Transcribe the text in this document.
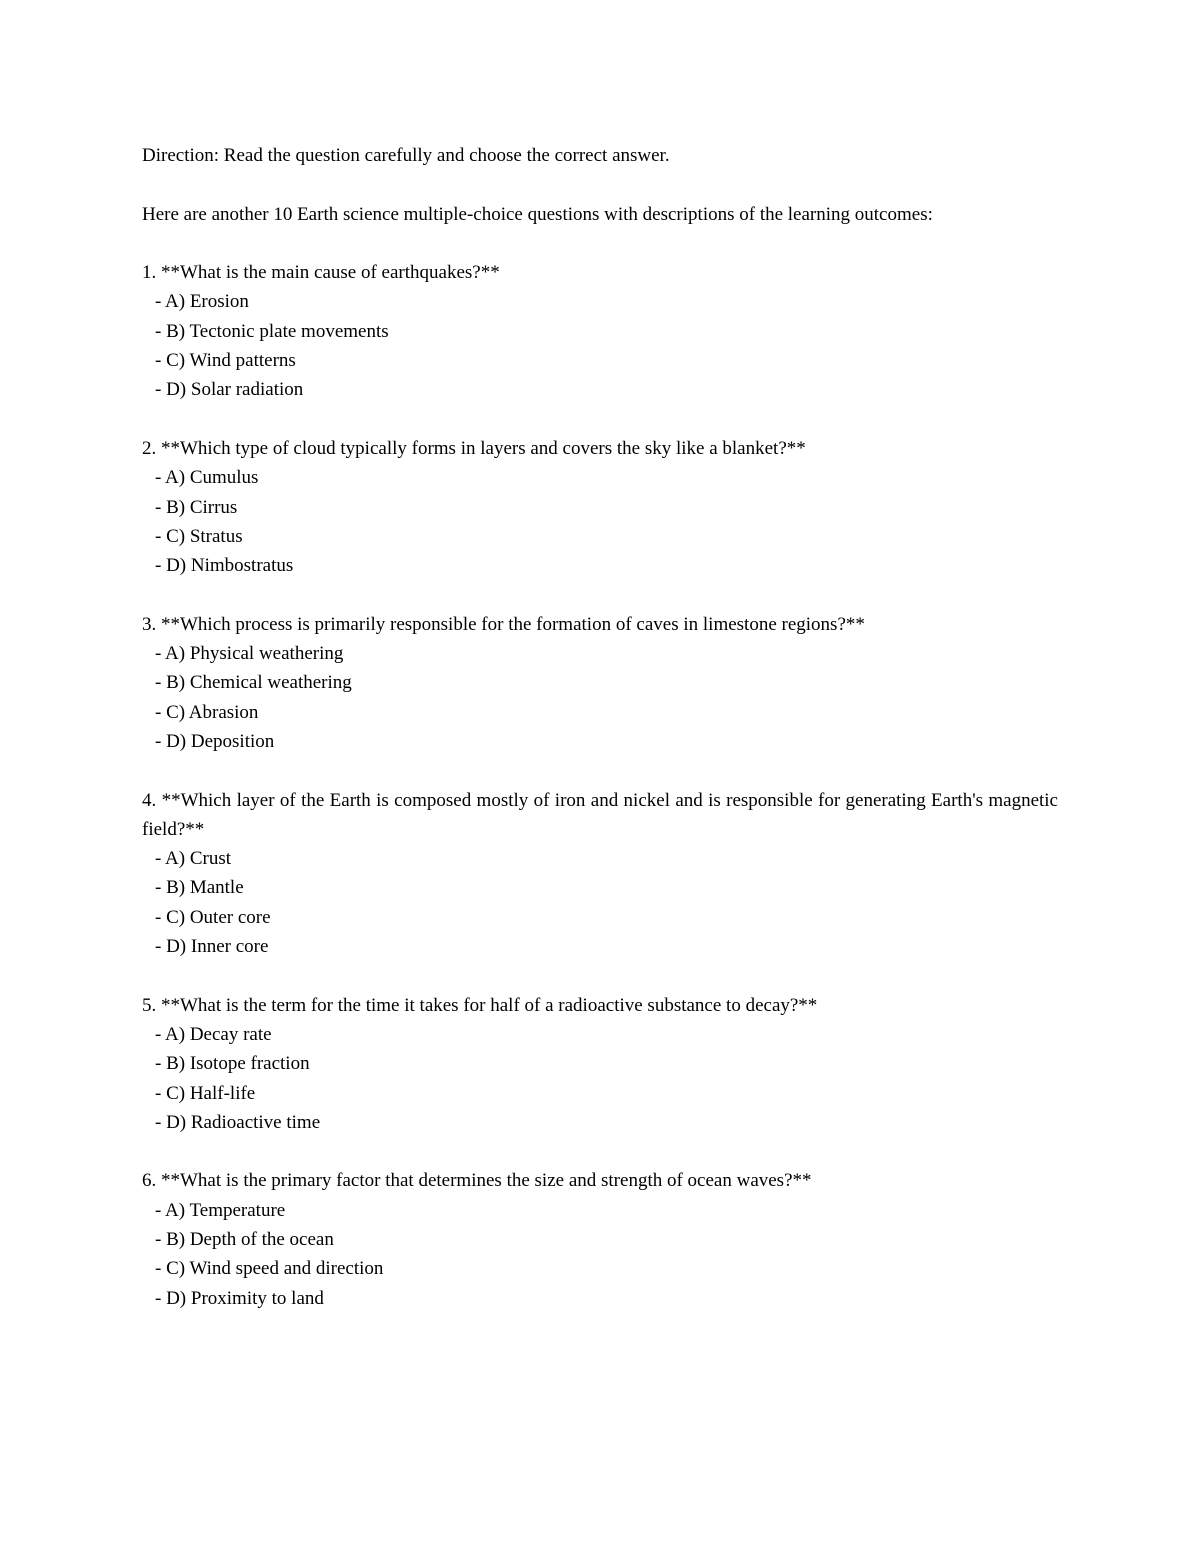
Direction: Read the question carefully and choose the correct answer.

Here are another 10 Earth science multiple-choice questions with descriptions of the learning outcomes:

1. **What is the main cause of earthquakes?**

- A) Erosion
- B) Tectonic plate movements
- C) Wind patterns
- D) Solar radiation

2. **Which type of cloud typically forms in layers and covers the sky like a blanket?**

- A) Cumulus
- B) Cirrus
- C) Stratus
- D) Nimbostratus

3. **Which process is primarily responsible for the formation of caves in limestone regions?**

- A) Physical weathering
- B) Chemical weathering
- C) Abrasion
- D) Deposition

4. **Which layer of the Earth is composed mostly of iron and nickel and is responsible for generating Earth's magnetic field?**

- A) Crust
- B) Mantle
- C) Outer core
- D) Inner core

5. **What is the term for the time it takes for half of a radioactive substance to decay?**

- A) Decay rate
- B) Isotope fraction
- C) Half-life
- D) Radioactive time

6. **What is the primary factor that determines the size and strength of ocean waves?**

- A) Temperature
- B) Depth of the ocean
- C) Wind speed and direction
- D) Proximity to land
